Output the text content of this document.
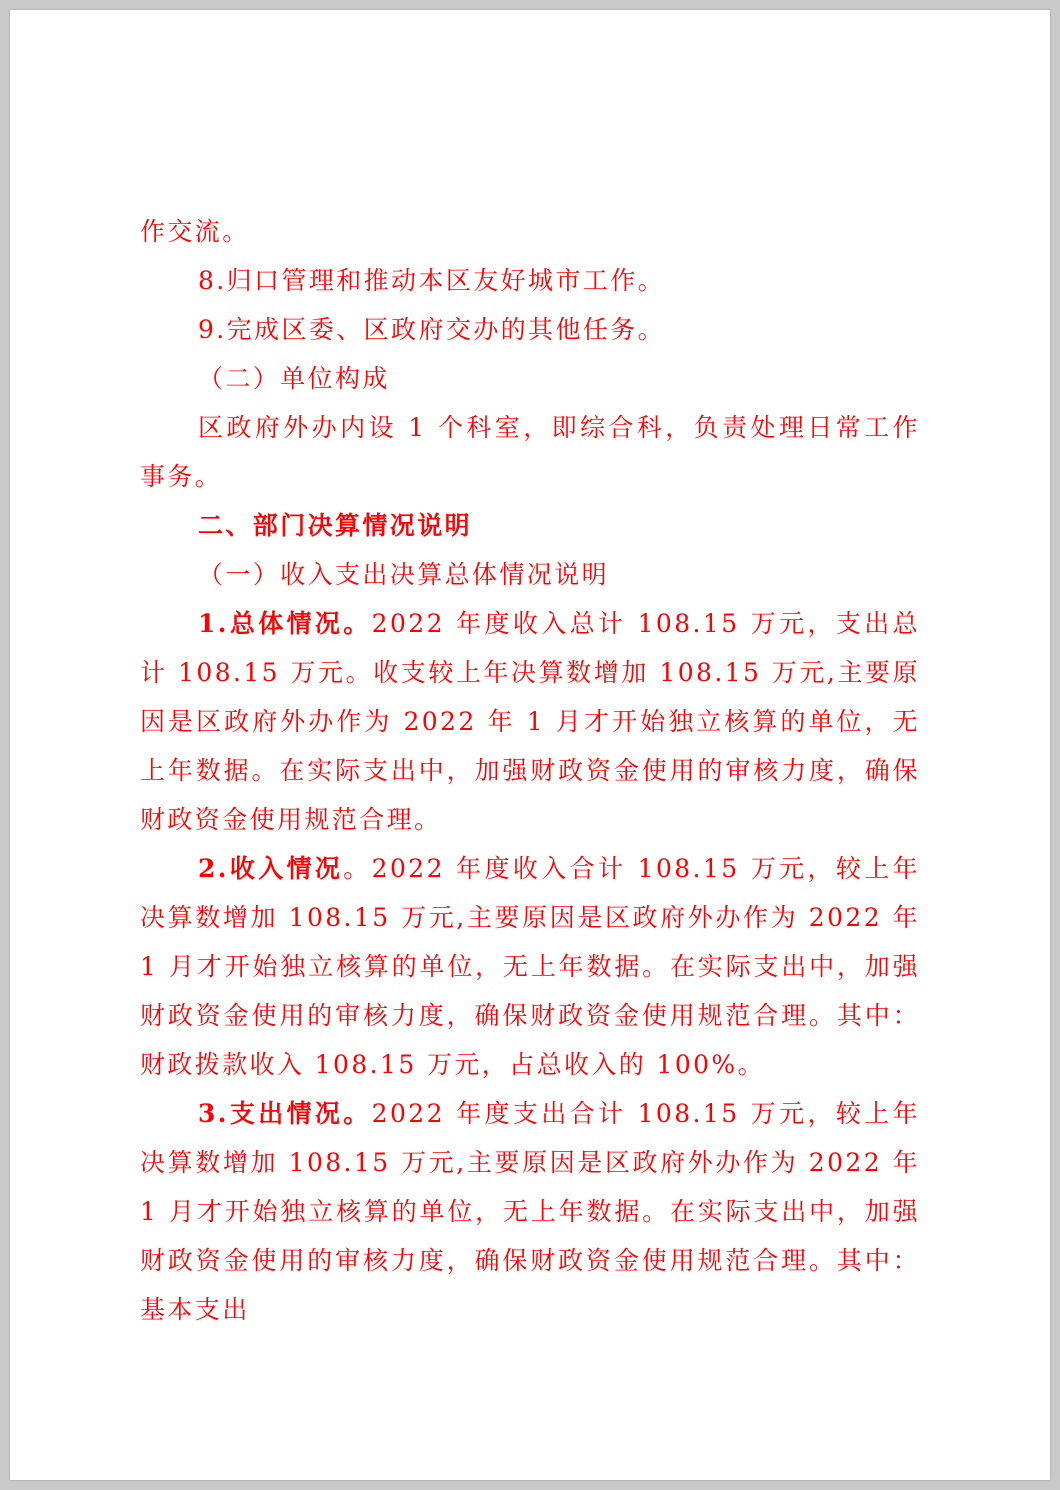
作交流。

8.归口管理和推动本区友好城市工作。

9.完成区委、区政府交办的其他任务。

（二）单位构成

区政府外办内设 1 个科室，即综合科，负责处理日常工作事务。

二、部门决算情况说明

（一）收入支出决算总体情况说明

1.总体情况。2022 年度收入总计 108.15 万元，支出总计 108.15 万元。收支较上年决算数增加 108.15 万元,主要原因是区政府外办作为 2022 年 1 月才开始独立核算的单位，无上年数据。在实际支出中，加强财政资金使用的审核力度，确保财政资金使用规范合理。

2.收入情况。2022 年度收入合计 108.15 万元，较上年决算数增加 108.15 万元,主要原因是区政府外办作为 2022 年 1 月才开始独立核算的单位，无上年数据。在实际支出中，加强财政资金使用的审核力度，确保财政资金使用规范合理。其中：财政拨款收入 108.15 万元，占总收入的 100%。

3.支出情况。2022 年度支出合计 108.15 万元，较上年决算数增加 108.15 万元,主要原因是区政府外办作为 2022 年 1 月才开始独立核算的单位，无上年数据。在实际支出中，加强财政资金使用的审核力度，确保财政资金使用规范合理。其中：基本支出
